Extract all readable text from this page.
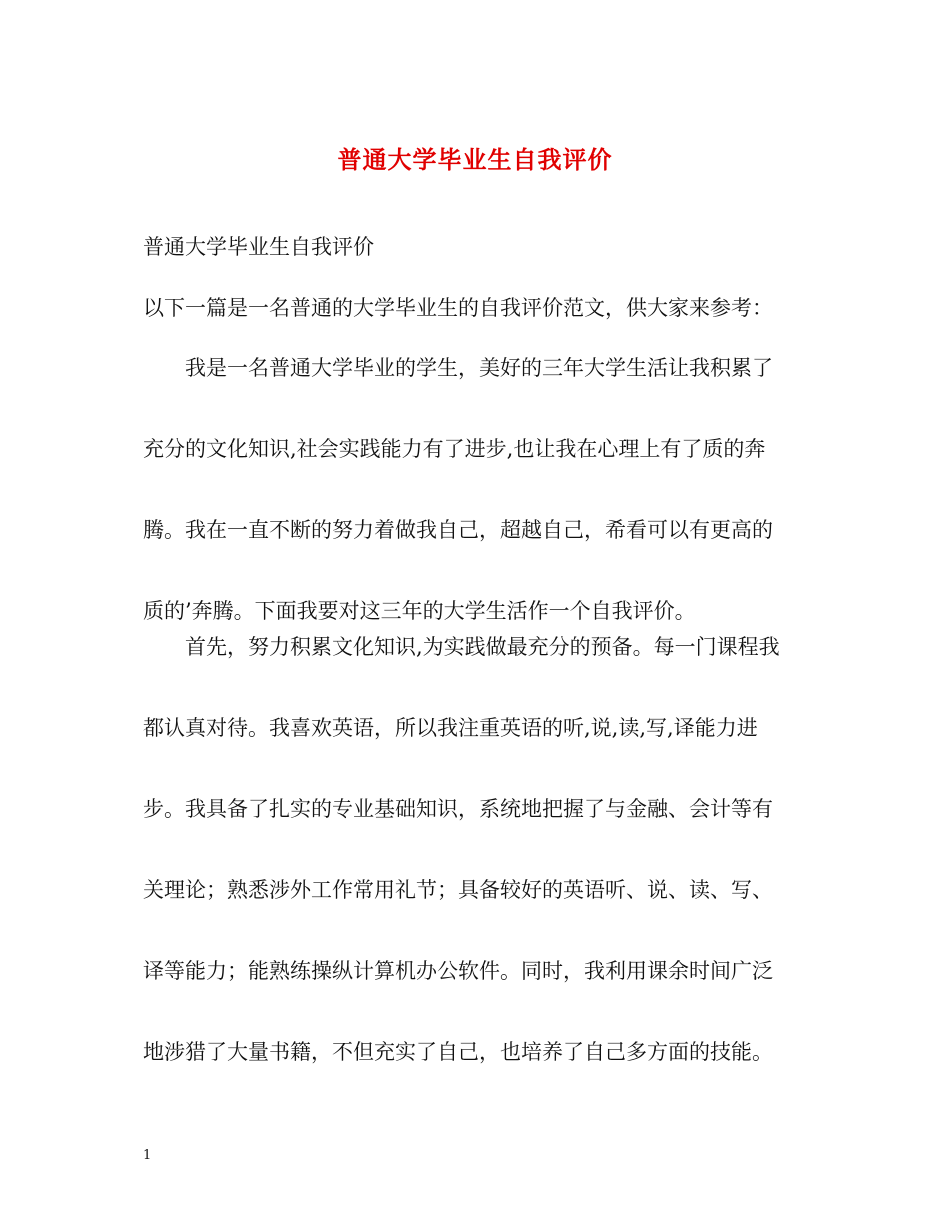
普通大学毕业生自我评价
普通大学毕业生自我评价
以下一篇是一名普通的大学毕业生的自我评价范文，供大家来参考：
我是一名普通大学毕业的学生，美好的三年大学生活让我积累了
充分的文化知识,社会实践能力有了进步,也让我在心理上有了质的奔
腾。我在一直不断的努力着做我自己，超越自己，希看可以有更高的
质的’奔腾。下面我要对这三年的大学生活作一个自我评价。
首先，努力积累文化知识,为实践做最充分的预备。每一门课程我
都认真对待。我喜欢英语，所以我注重英语的听,说,读,写,译能力进
步。我具备了扎实的专业基础知识，系统地把握了与金融、会计等有
关理论；熟悉涉外工作常用礼节；具备较好的英语听、说、读、写、
译等能力；能熟练操纵计算机办公软件。同时，我利用课余时间广泛
地涉猎了大量书籍，不但充实了自己，也培养了自己多方面的技能。
1
